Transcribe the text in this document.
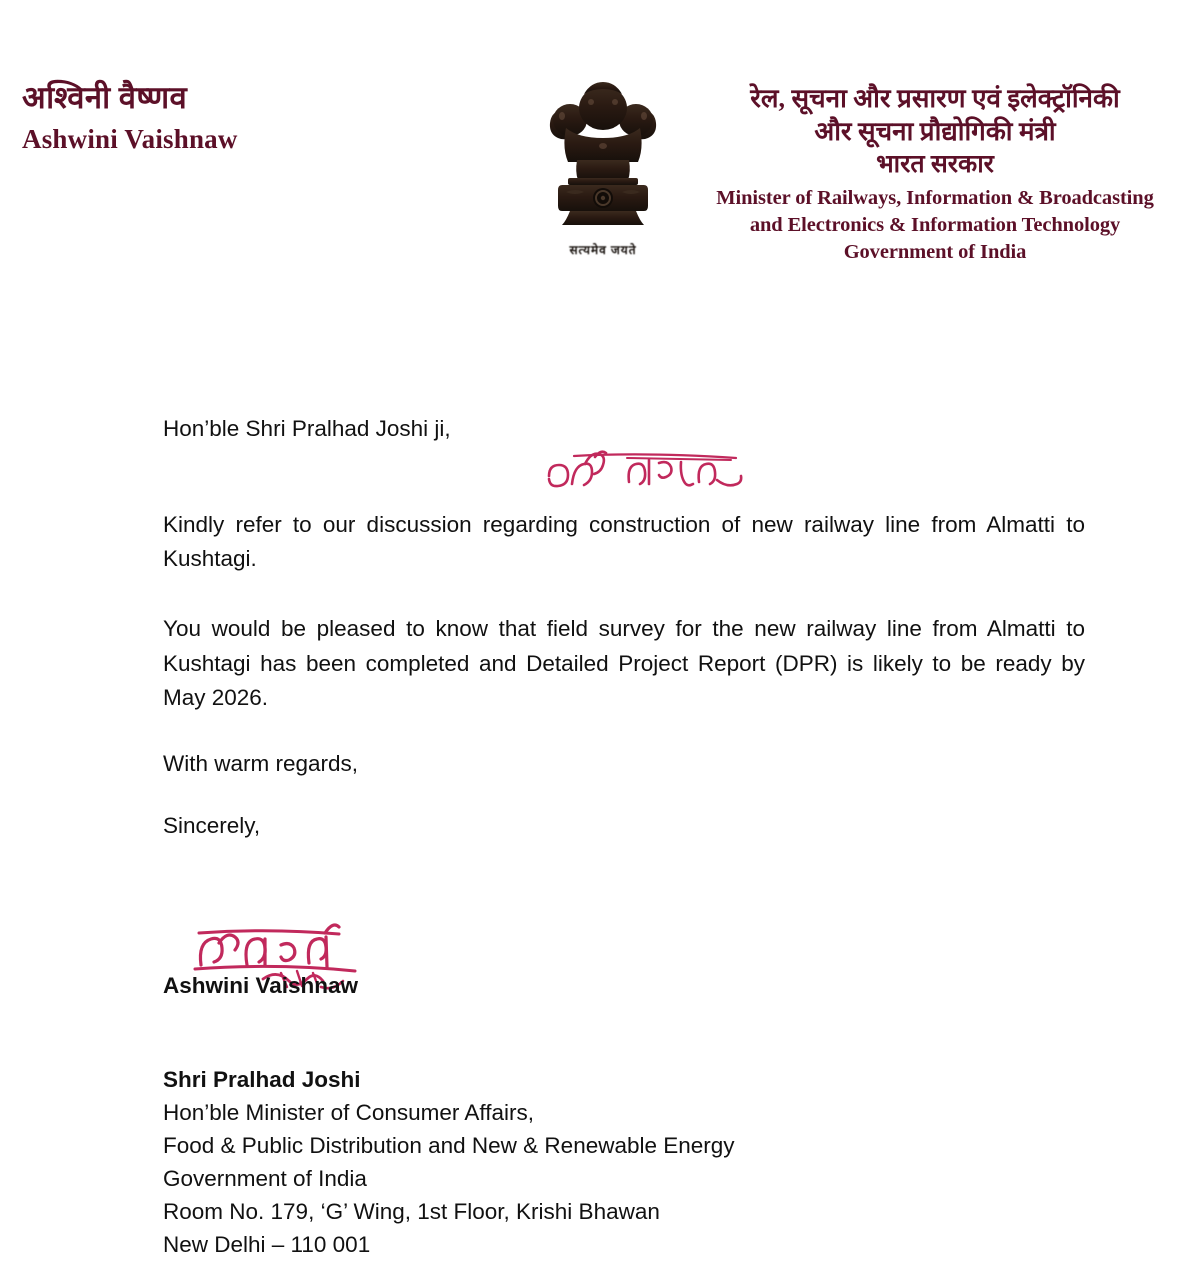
अश्विनी वैष्णव
Ashwini Vaishnaw
सत्यमेव जयते
रेल, सूचना और प्रसारण एवं इलेक्ट्रॉनिकी
और सूचना प्रौद्योगिकी मंत्री
भारत सरकार
Minister of Railways, Information & Broadcasting
and Electronics & Information Technology
Government of India
Hon’ble Shri Pralhad Joshi ji,

Kindly refer to our discussion regarding construction of new railway line from Almatti to Kushtagi.

You would be pleased to know that field survey for the new railway line from Almatti to Kushtagi has been completed and Detailed Project Report (DPR) is likely to be ready by May 2026.

With warm regards,
Sincerely,
Ashwini Vaishnaw
Shri Pralhad Joshi
Hon’ble Minister of Consumer Affairs,
Food & Public Distribution and New & Renewable Energy
Government of India
Room No. 179, ‘G’ Wing, 1st Floor, Krishi Bhawan
New Delhi – 110 001
